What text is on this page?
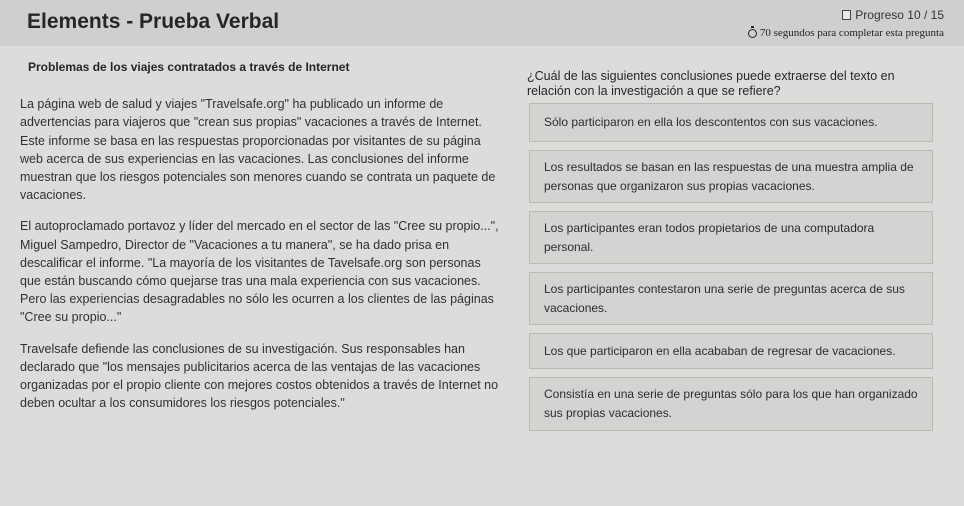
Elements - Prueba Verbal	Progreso 10 / 15
70 segundos para completar esta pregunta
Problemas de los viajes contratados a través de Internet

La página web de salud y viajes "Travelsafe.org" ha publicado un informe de advertencias para viajeros que "crean sus propias" vacaciones a través de Internet. Este informe se basa en las respuestas proporcionadas por visitantes de su página web acerca de sus experiencias en las vacaciones. Las conclusiones del informe muestran que los riesgos potenciales son menores cuando se contrata un paquete de vacaciones.

El autoproclamado portavoz y líder del mercado en el sector de las "Cree su propio...", Miguel Sampedro, Director de "Vacaciones a tu manera", se ha dado prisa en descalificar el informe. "La mayoría de los visitantes de Tavelsafe.org son personas que están buscando cómo quejarse tras una mala experiencia con sus vacaciones. Pero las experiencias desagradables no sólo les ocurren a los clientes de las páginas "Cree su propio..."

Travelsafe defiende las conclusiones de su investigación. Sus responsables han declarado que "los mensajes publicitarios acerca de las ventajas de las vacaciones organizadas por el propio cliente con mejores costos obtenidos a través de Internet no deben ocultar a los consumidores los riesgos potenciales."

¿Cuál de las siguientes conclusiones puede extraerse del texto en relación con la investigación a que se refiere?
Sólo participaron en ella los descontentos con sus vacaciones.
Los resultados se basan en las respuestas de una muestra amplia de personas que organizaron sus propias vacaciones.
Los participantes eran todos propietarios de una computadora personal.
Los participantes contestaron una serie de preguntas acerca de sus vacaciones.
Los que participaron en ella acababan de regresar de vacaciones.
Consistía en una serie de preguntas sólo para los que han organizado sus propias vacaciones.
